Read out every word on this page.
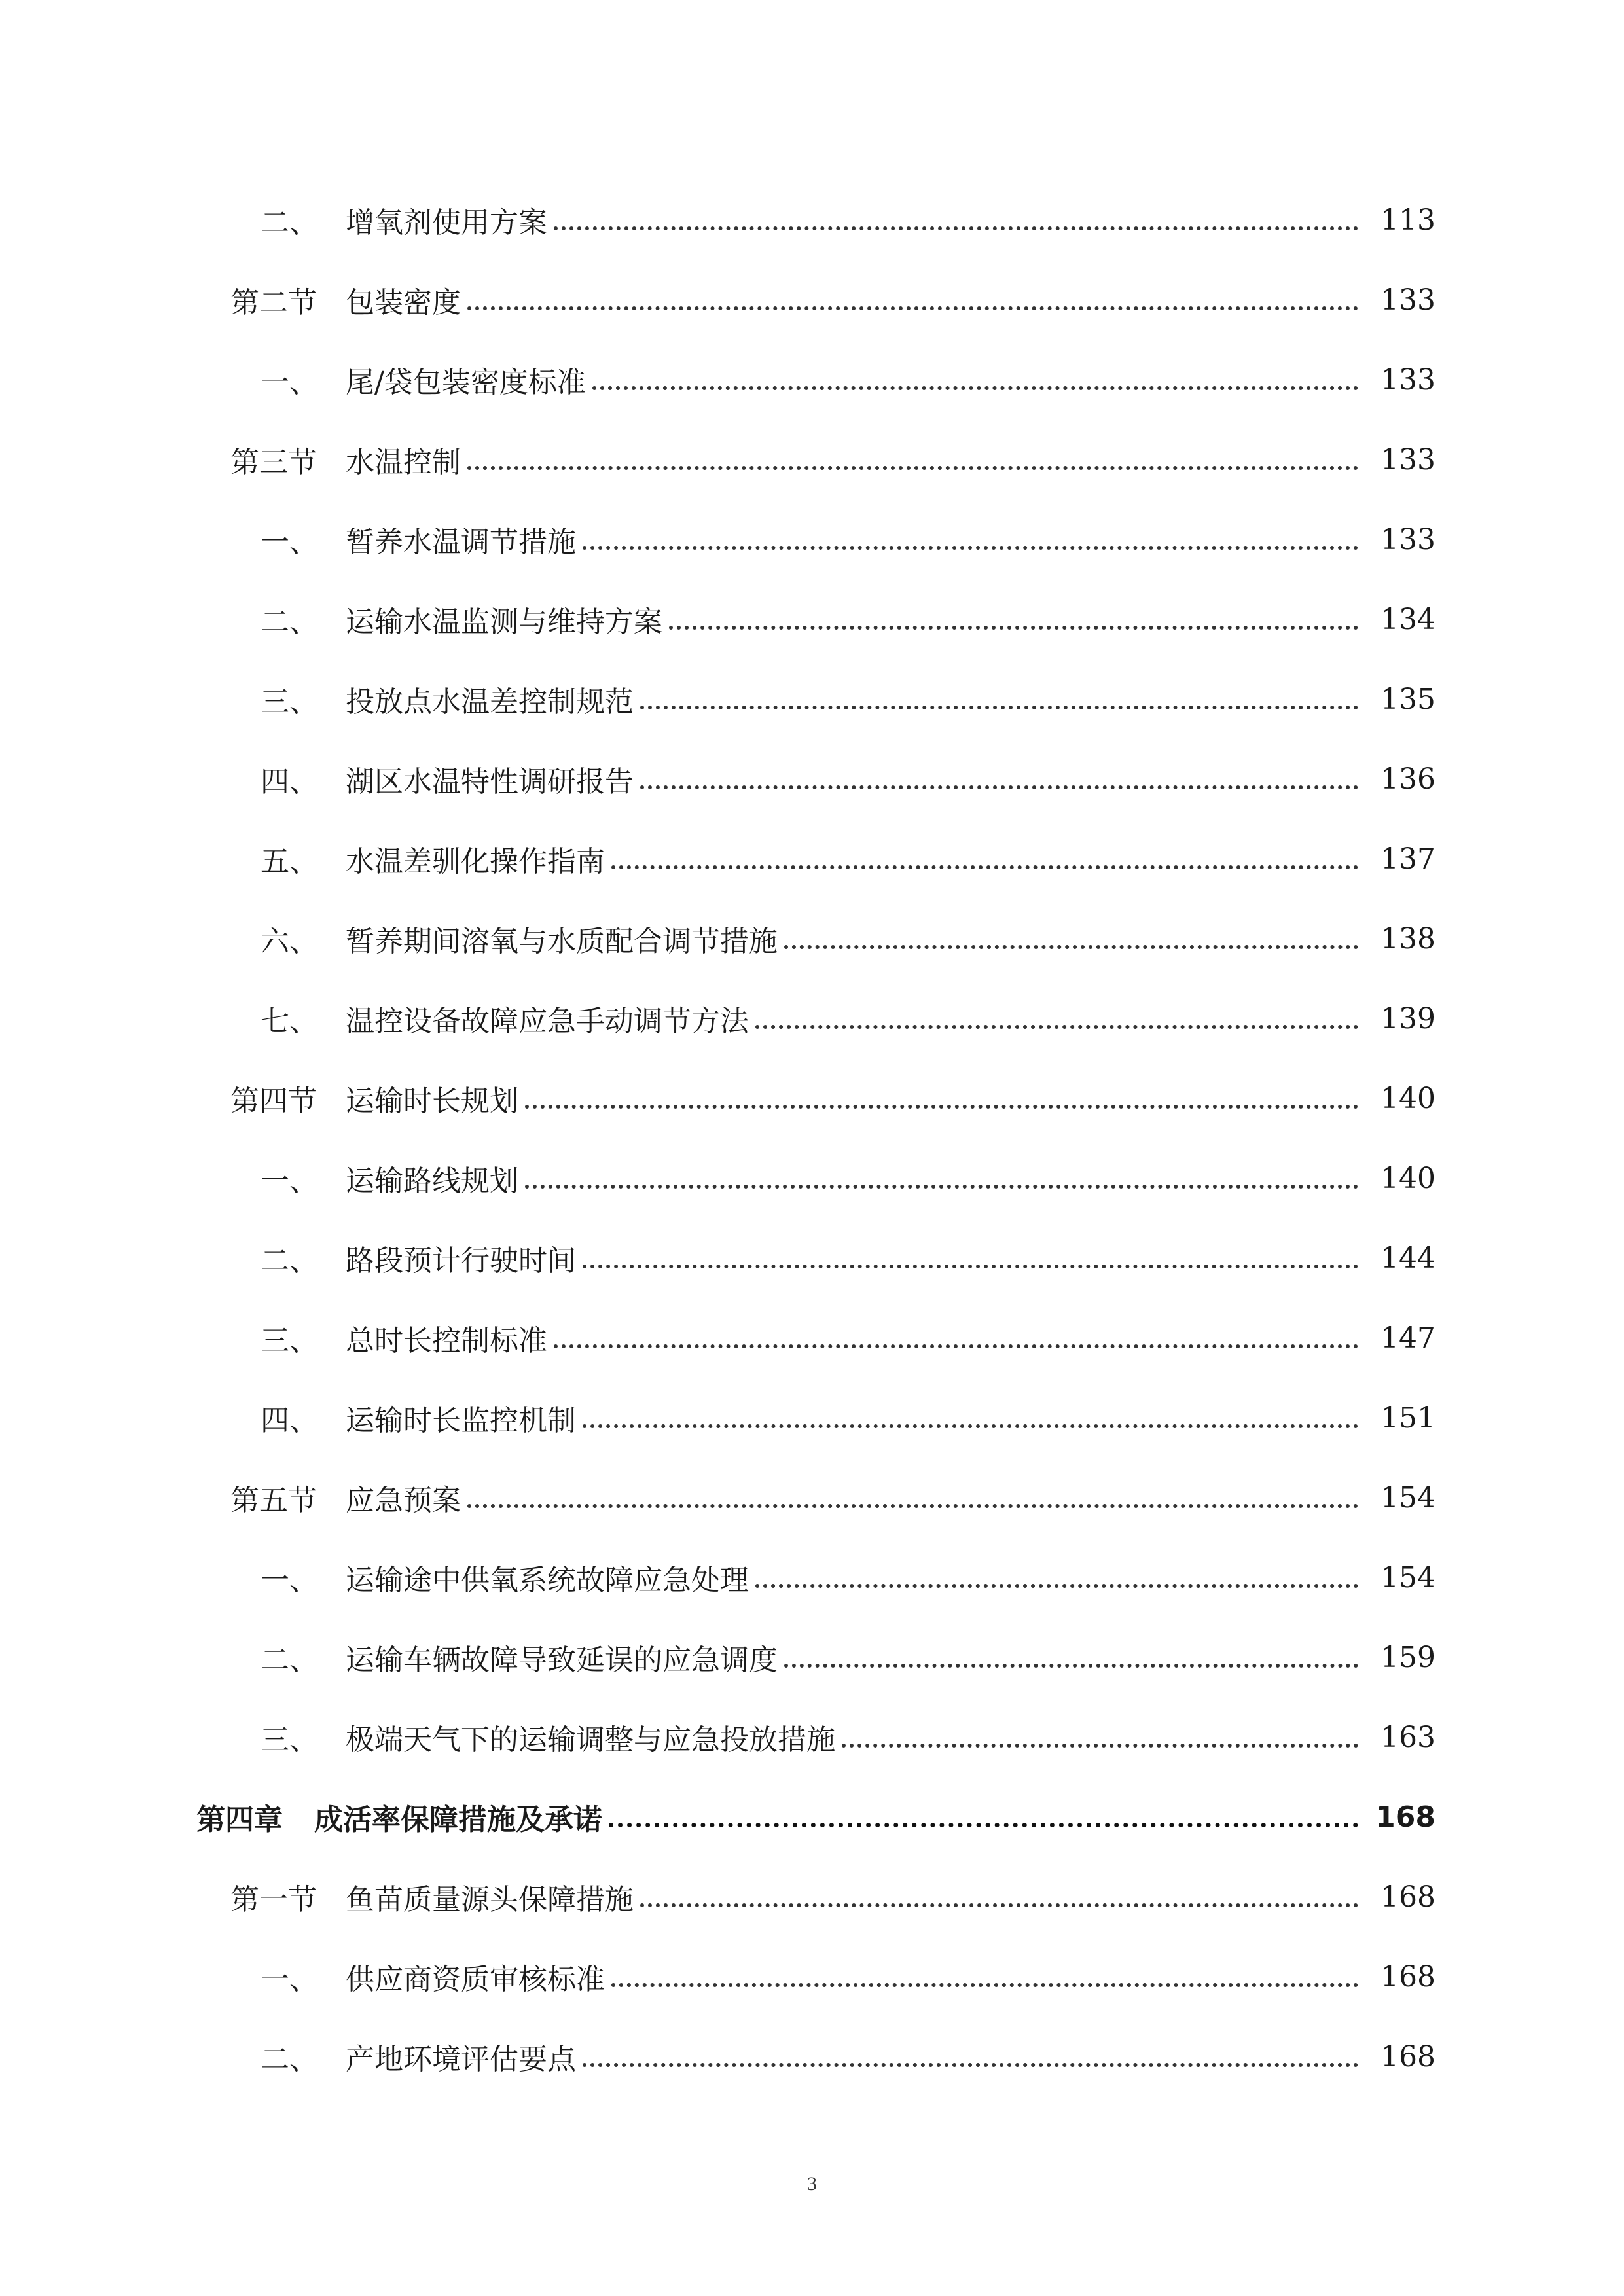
二、 增氧剂使用方案	113
第二节	包装密度	133
一、 尾/袋包装密度标准	133
第三节	水温控制	133
一、 暂养水温调节措施	133
二、 运输水温监测与维持方案	134
三、 投放点水温差控制规范	135
四、 湖区水温特性调研报告	136
五、 水温差驯化操作指南	137
六、 暂养期间溶氧与水质配合调节措施	138
七、 温控设备故障应急手动调节方法	139
第四节	运输时长规划	140
一、 运输路线规划	140
二、 路段预计行驶时间	144
三、 总时长控制标准	147
四、 运输时长监控机制	151
第五节	应急预案	154
一、 运输途中供氧系统故障应急处理	154
二、 运输车辆故障导致延误的应急调度	159
三、 极端天气下的运输调整与应急投放措施	163
第四章	成活率保障措施及承诺	168
第一节	鱼苗质量源头保障措施	168
一、 供应商资质审核标准	168
二、 产地环境评估要点	168
3
